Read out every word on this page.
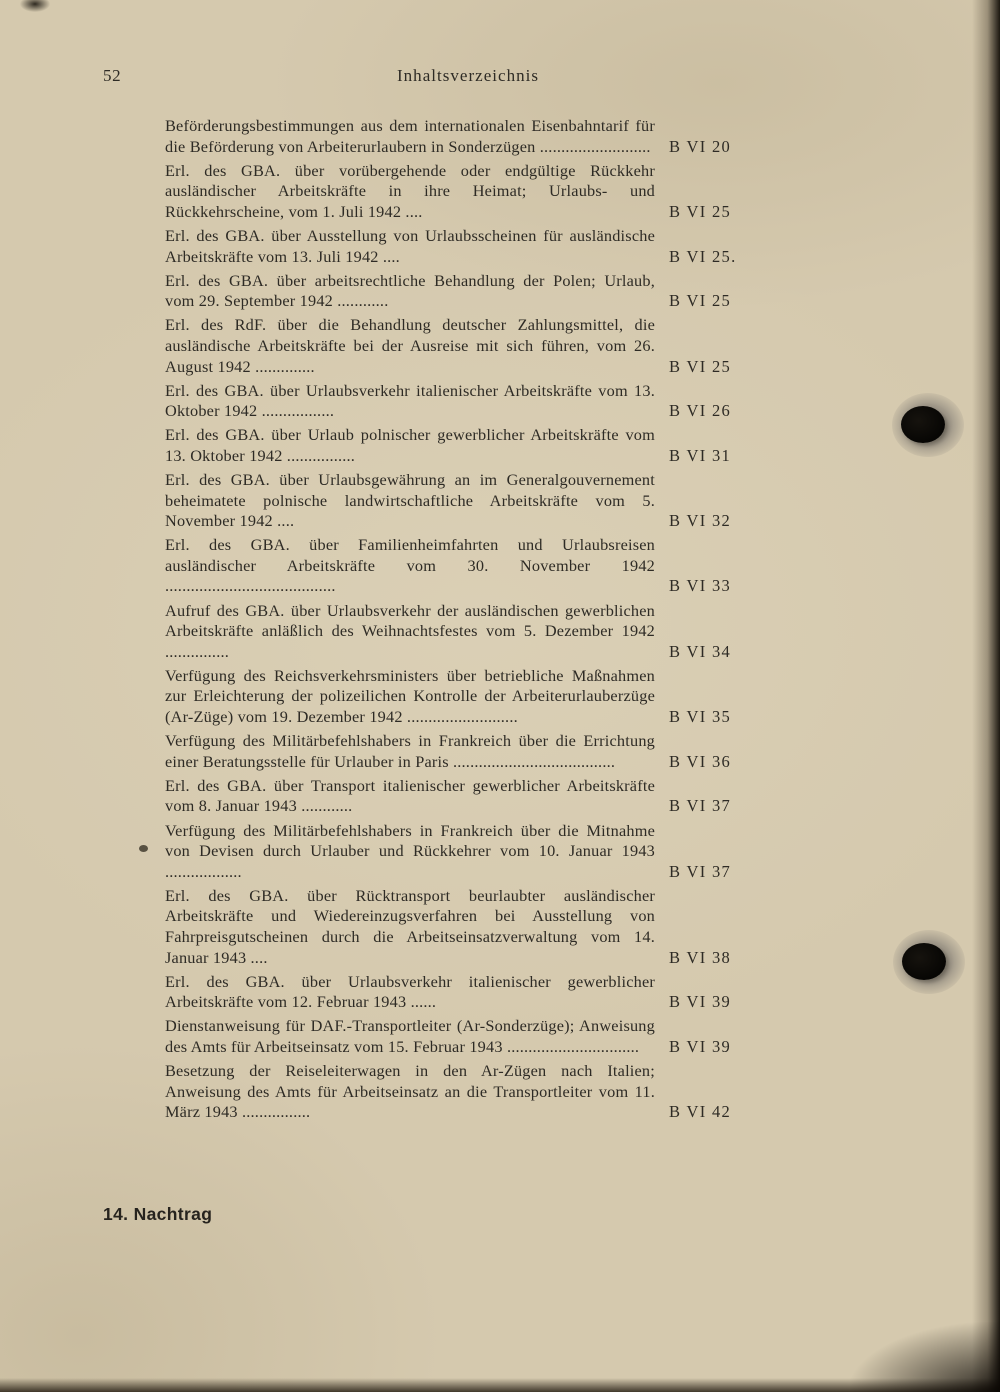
52	Inhaltsverzeichnis
Beförderungsbestimmungen aus dem internationalen Eisenbahntarif für die Beförderung von Arbeiterurlaubern in Sonderzügen ..........................	B VI 20
Erl. des GBA. über vorübergehende oder endgültige Rückkehr ausländischer Arbeitskräfte in ihre Heimat; Urlaubs- und Rückkehrscheine, vom 1. Juli 1942 ....	B VI 25
Erl. des GBA. über Ausstellung von Urlaubsscheinen für ausländische Arbeitskräfte vom 13. Juli 1942 ....	B VI 25.
Erl. des GBA. über arbeitsrechtliche Behandlung der Polen; Urlaub, vom 29. September 1942 ............	B VI 25
Erl. des RdF. über die Behandlung deutscher Zahlungsmittel, die ausländische Arbeitskräfte bei der Ausreise mit sich führen, vom 26. August 1942 ..............	B VI 25
Erl. des GBA. über Urlaubsverkehr italienischer Arbeitskräfte vom 13. Oktober 1942 .................	B VI 26
Erl. des GBA. über Urlaub polnischer gewerblicher Arbeitskräfte vom 13. Oktober 1942 ................	B VI 31
Erl. des GBA. über Urlaubsgewährung an im Generalgouvernement beheimatete polnische landwirtschaftliche Arbeitskräfte vom 5. November 1942 ....	B VI 32
Erl. des GBA. über Familienheimfahrten und Urlaubsreisen ausländischer Arbeitskräfte vom 30. November 1942 ........................................	B VI 33
Aufruf des GBA. über Urlaubsverkehr der ausländischen gewerblichen Arbeitskräfte anläßlich des Weihnachtsfestes vom 5. Dezember 1942 ...............	B VI 34
Verfügung des Reichsverkehrsministers über betriebliche Maßnahmen zur Erleichterung der polizeilichen Kontrolle der Arbeiterurlauberzüge (Ar-Züge) vom 19. Dezember 1942 ..........................	B VI 35
Verfügung des Militärbefehlshabers in Frankreich über die Errichtung einer Beratungsstelle für Urlauber in Paris ......................................	B VI 36
Erl. des GBA. über Transport italienischer gewerblicher Arbeitskräfte vom 8. Januar 1943 ............	B VI 37
Verfügung des Militärbefehlshabers in Frankreich über die Mitnahme von Devisen durch Urlauber und Rückkehrer vom 10. Januar 1943 ..................	B VI 37
Erl. des GBA. über Rücktransport beurlaubter ausländischer Arbeitskräfte und Wiedereinzugsverfahren bei Ausstellung von Fahrpreisgutscheinen durch die Arbeitseinsatzverwaltung vom 14. Januar 1943 ....	B VI 38
Erl. des GBA. über Urlaubsverkehr italienischer gewerblicher Arbeitskräfte vom 12. Februar 1943 ......	B VI 39
Dienstanweisung für DAF.-Transportleiter (Ar-Sonderzüge); Anweisung des Amts für Arbeitseinsatz vom 15. Februar 1943 ...............................	B VI 39
Besetzung der Reiseleiterwagen in den Ar-Zügen nach Italien; Anweisung des Amts für Arbeitseinsatz an die Transportleiter vom 11. März 1943 ................	B VI 42
14. Nachtrag
